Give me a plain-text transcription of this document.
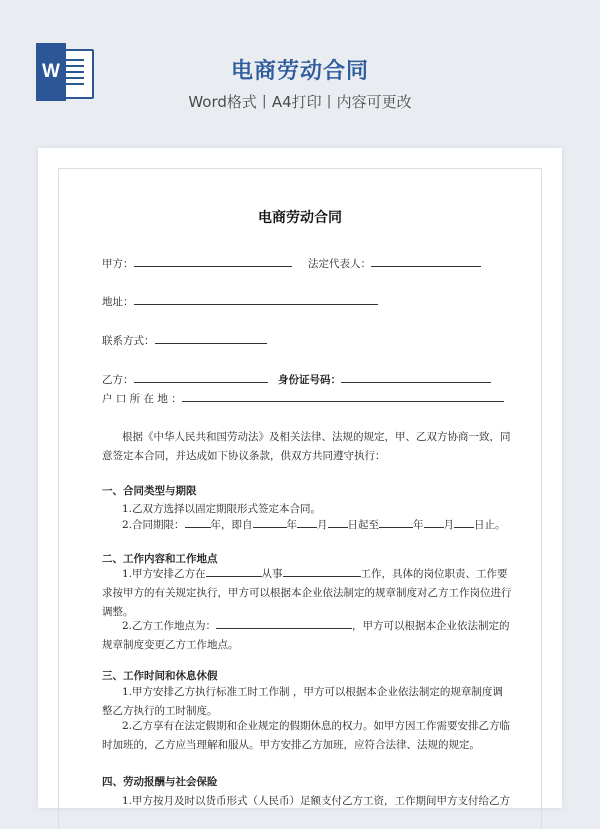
W	电商劳动合同
Word格式丨A4打印丨内容可更改
电商劳动合同
甲方：	法定代表人：
地址：
联系方式：
乙方：	身份证号码：
户 口 所 在 地 ：
根据《中华人民共和国劳动法》及相关法律、法规的规定，甲、乙双方协商一致，同
意签定本合同，并达成如下协议条款，供双方共同遵守执行：
一、合同类型与期限
1.乙双方选择以固定期限形式签定本合同。
2.合同期限： 年，即自	年 月 日起至	年 月 日止。
二、工作内容和工作地点
1.甲方安排乙方在	从事	工作，具体的岗位职责、工作要
求按甲方的有关规定执行，甲方可以根据本企业依法制定的规章制度对乙方工作岗位进行
调整。
2.乙方工作地点为：	，甲方可以根据本企业依法制定的
规章制度变更乙方工作地点。
三、工作时间和休息休假
1.甲方安排乙方执行标准工时工作制 ，甲方可以根据本企业依法制定的规章制度调
整乙方执行的工时制度。
2.乙方享有在法定假期和企业规定的假期休息的权力。如甲方因工作需要安排乙方临
时加班的，乙方应当理解和服从。甲方安排乙方加班，应符合法律、法规的规定。
四、劳动报酬与社会保险
1.甲方按月及时以货币形式（人民币）足额支付乙方工资，工作期间甲方支付给乙方
